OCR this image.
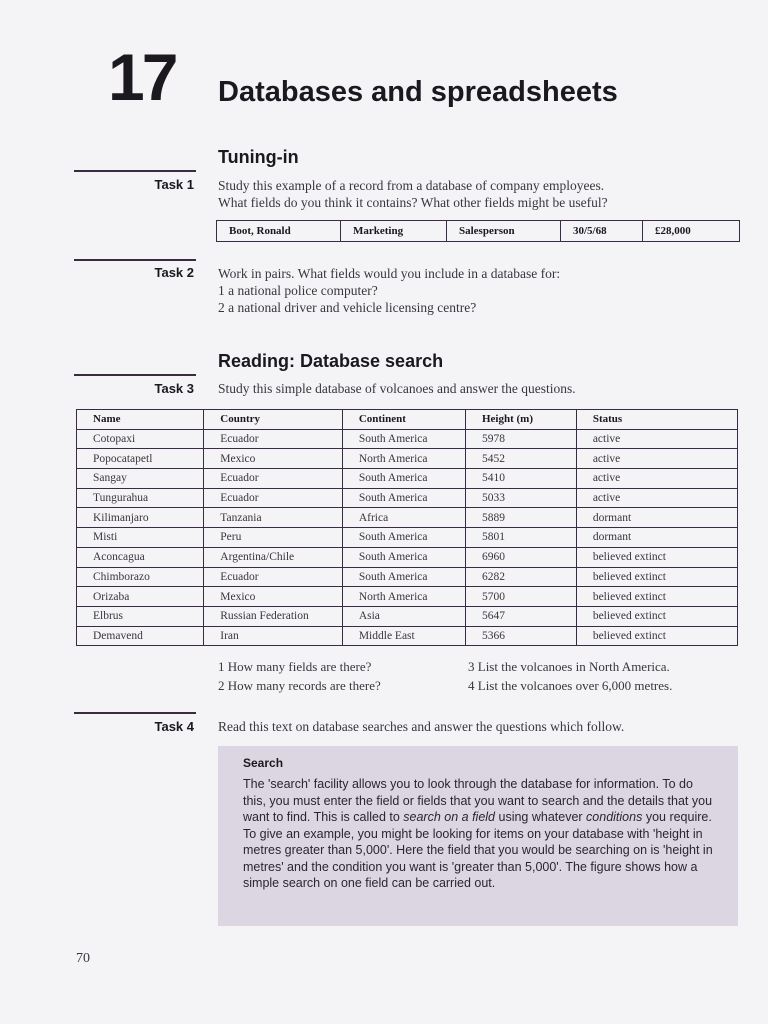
17 Databases and spreadsheets
Tuning-in
Task 1 Study this example of a record from a database of company employees.
What fields do you think it contains? What other fields might be useful?
Boot, Ronald	Marketing	Salesperson	30/5/68	£28,000
Task 2 Work in pairs. What fields would you include in a database for:
1 a national police computer?
2 a national driver and vehicle licensing centre?
Reading: Database search
Task 3 Study this simple database of volcanoes and answer the questions.
Name	Country	Continent	Height (m)	Status
Cotopaxi	Ecuador	South America	5978	active
Popocatapetl	Mexico	North America	5452	active
Sangay	Ecuador	South America	5410	active
Tungurahua	Ecuador	South America	5033	active
Kilimanjaro	Tanzania	Africa	5889	dormant
Misti	Peru	South America	5801	dormant
Aconcagua	Argentina/Chile	South America	6960	believed extinct
Chimborazo	Ecuador	South America	6282	believed extinct
Orizaba	Mexico	North America	5700	believed extinct
Elbrus	Russian Federation	Asia	5647	believed extinct
Demavend	Iran	Middle East	5366	believed extinct
1 How many fields are there?
2 How many records are there?
3 List the volcanoes in North America.
4 List the volcanoes over 6,000 metres.
Task 4 Read this text on database searches and answer the questions which follow.
Search
The 'search' facility allows you to look through the database for information. To do this, you must enter the field or fields that you want to search and the details that you want to find. This is called to search on a field using whatever conditions you require. To give an example, you might be looking for items on your database with 'height in metres greater than 5,000'. Here the field that you would be searching on is 'height in metres' and the condition you want is 'greater than 5,000'. The figure shows how a simple search on one field can be carried out.
70
